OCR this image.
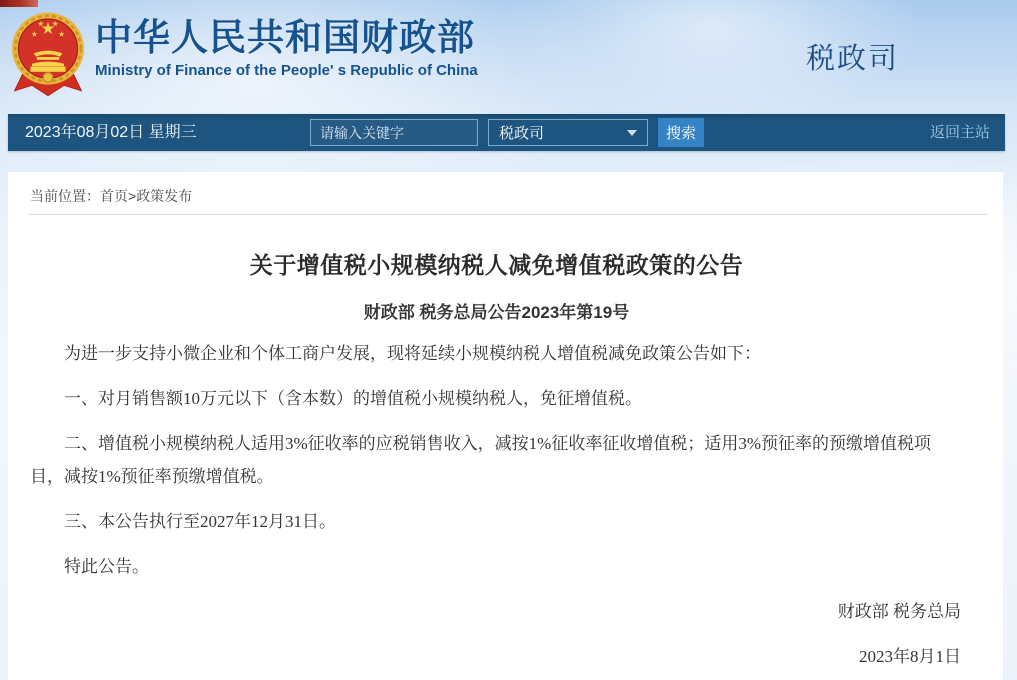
中华人民共和国财政部
Ministry of Finance of the People' s Republic of China	税政司
2023年08月02日 星期三
请输入关键字	税政司	搜索	返回主站
当前位置：首页>政策发布
关于增值税小规模纳税人减免增值税政策的公告
财政部 税务总局公告2023年第19号

为进一步支持小微企业和个体工商户发展，现将延续小规模纳税人增值税减免政策公告如下：

一、对月销售额10万元以下（含本数）的增值税小规模纳税人，免征增值税。

二、增值税小规模纳税人适用3%征收率的应税销售收入，减按1%征收率征收增值税；适用3%预征率的预缴增值税项目，减按1%预征率预缴增值税。

三、本公告执行至2027年12月31日。

特此公告。

财政部 税务总局

2023年8月1日
